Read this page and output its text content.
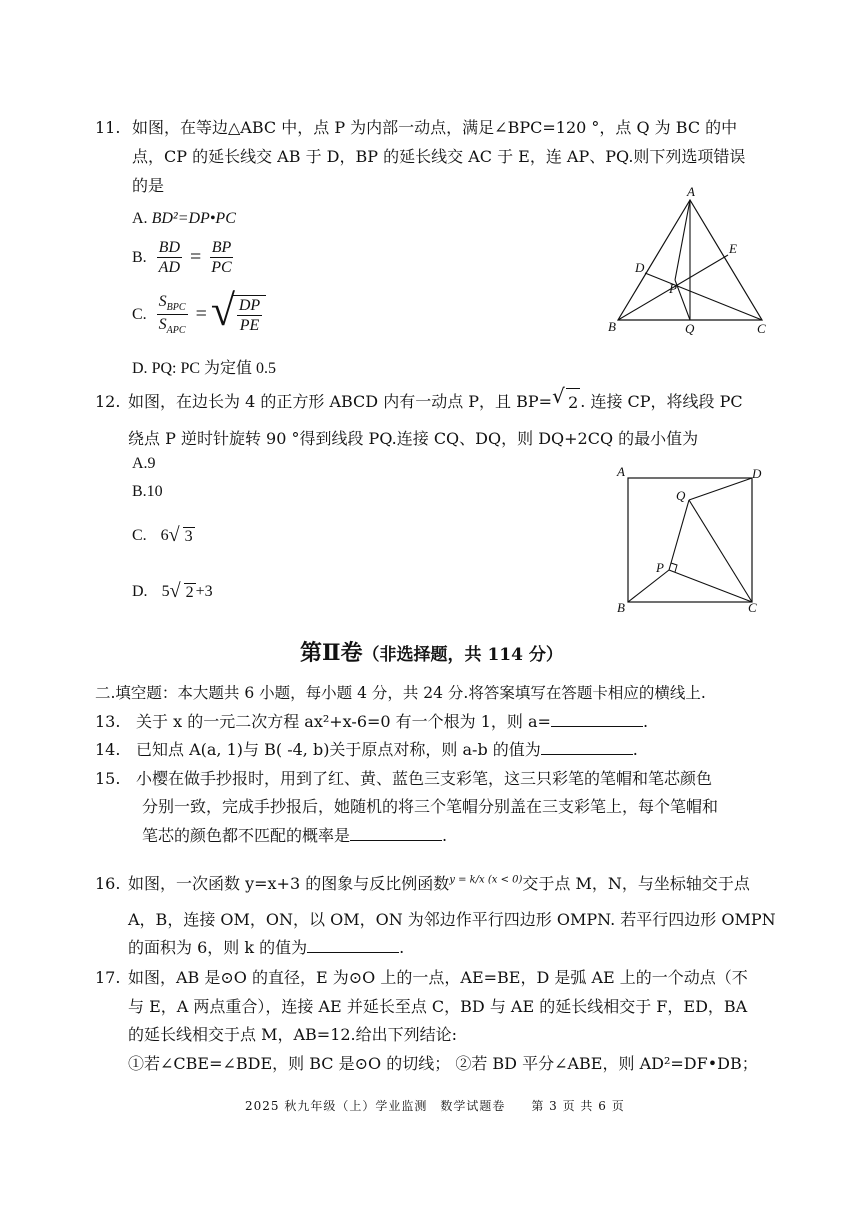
11. 如图，在等边△ABC 中，点 P 为内部一动点，满足∠BPC=120 °，点 Q 为 BC 的中
点，CP 的延长线交 AB 于 D，BP 的延长线交 AC 于 E，连 AP、PQ.则下列选项错误
的是
A. BD²=DP•PC
B. $\frac{BD}{AD} = \frac{BP}{PC}$
C. $\frac{S_{BPC}}{S_{APC}}$ = √ $\frac{DP}{PE}$
D. PQ: PC 为定值 0.5
A
B	C
D
E
P
Q
12. 如图，在边长为 4 的正方形 ABCD 内有一动点 P，且 BP= √ 2 . 连接 CP，将线段 PC
绕点 P 逆时针旋转 90 °得到线段 PQ.连接 CQ、DQ，则 DQ+2CQ 的最小值为
A.9
B.10
C. 6 √ 3
D. 5 √ 2 +3
A
B	C
D
P
Q
第Ⅱ卷（非选择题，共 114 分）
二.填空题：本大题共 6 小题，每小题 4 分，共 24 分.将答案填写在答题卡相应的横线上.
13. 关于 x 的一元二次方程 ax²+x-6=0 有一个根为 1，则 a=	.
14. 已知点 A(a, 1)与 B( -4, b)关于原点对称，则 a-b 的值为	.
15. 小樱在做手抄报时，用到了红、黄、蓝色三支彩笔，这三只彩笔的笔帽和笔芯颜色
分别一致，完成手抄报后，她随机的将三个笔帽分别盖在三支彩笔上，每个笔帽和
笔芯的颜色都不匹配的概率是	.
16. 如图，一次函数 y=x+3 的图象与反比例函数$^{y = k/x (x < 0)}$交于点 M，N，与坐标轴交于点
A，B，连接 OM，ON，以 OM，ON 为邻边作平行四边形 OMPN. 若平行四边形 OMPN
的面积为 6，则 k 的值为	.
17. 如图，AB 是⊙O 的直径，E 为⊙O 上的一点，AE=BE，D 是弧 AE 上的一个动点（不
与 E，A 两点重合），连接 AE 并延长至点 C，BD 与 AE 的延长线相交于 F，ED，BA
的延长线相交于点 M，AB=12.给出下列结论:
①若∠CBE=∠BDE，则 BC 是⊙O 的切线； ②若 BD 平分∠ABE，则 AD²=DF•DB；
2025 秋九年级（上）学业监测　数学试题卷　　第 3 页 共 6 页
